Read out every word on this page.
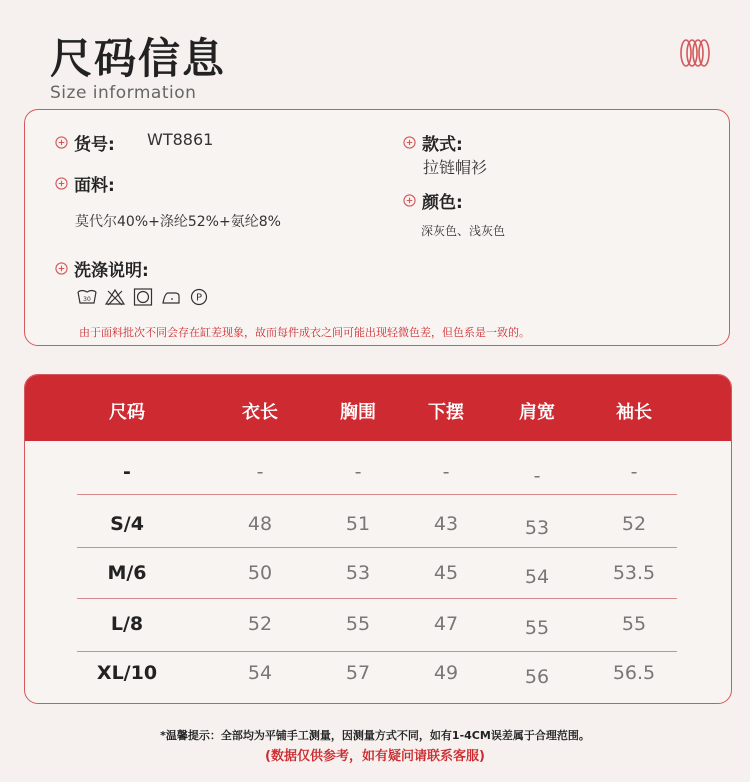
尺码信息
Size information
货号: WT8861	款式:
拉链帽衫
面料:
莫代尔40%+涤纶52%+氨纶8%
颜色:
深灰色、浅灰色
洗涤说明:
30	P
由于面料批次不同会存在缸差现象，故而每件成衣之间可能出现轻微色差，但色系是一致的。
尺码	衣长	胸围	下摆	肩宽	袖长
-	-	-	-	-	-
S/4	48	51	43	53	52
M/6	50	53	45	54	53.5
L/8	52	55	47	55	55
XL/10	54	57	49	56	56.5
*温馨提示：全部均为平铺手工测量，因测量方式不同，如有1-4CM误差属于合理范围。
(数据仅供参考，如有疑问请联系客服)
